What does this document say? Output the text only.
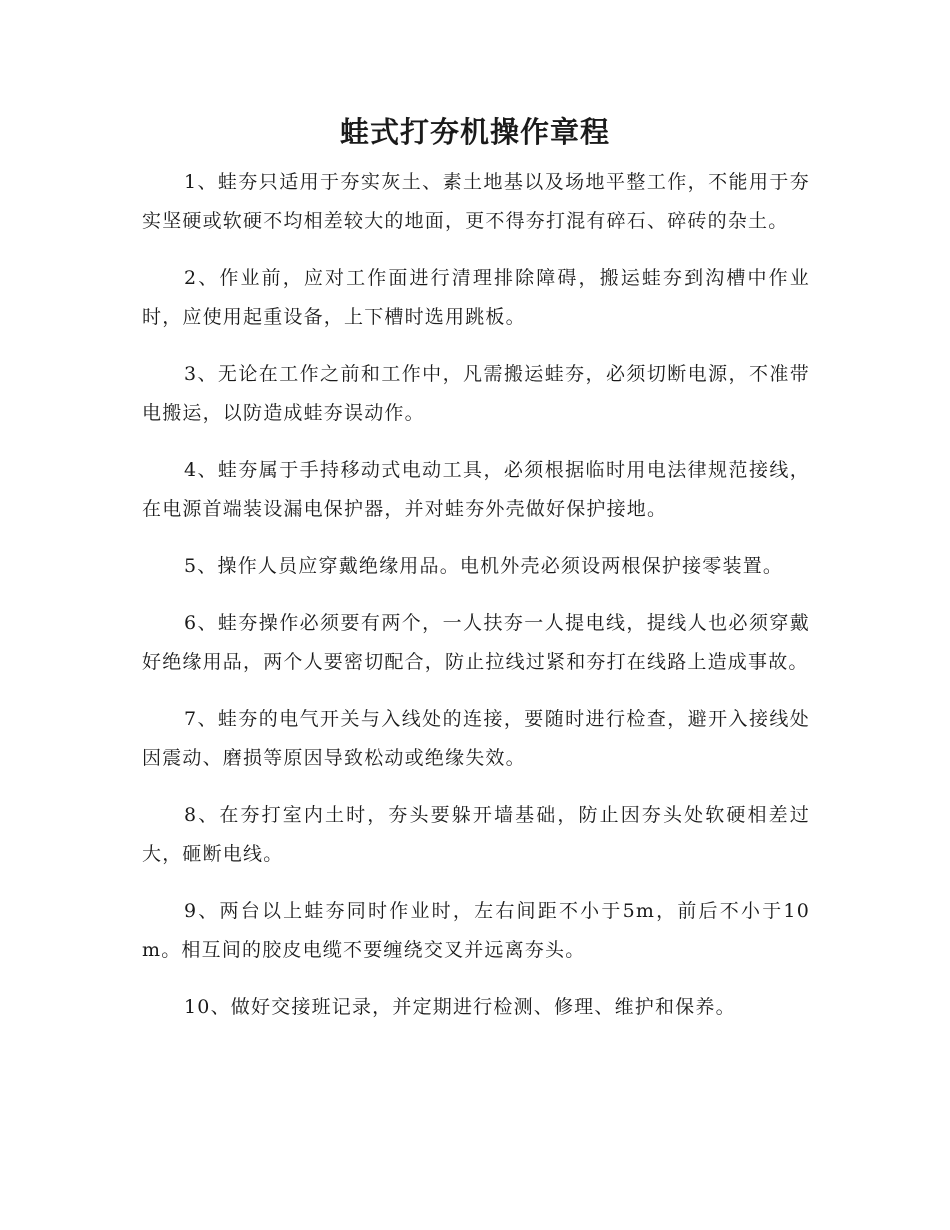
蛙式打夯机操作章程

1、蛙夯只适用于夯实灰土、素土地基以及场地平整工作，不能用于夯实坚硬或软硬不均相差较大的地面，更不得夯打混有碎石、碎砖的杂土。

2、作业前，应对工作面进行清理排除障碍，搬运蛙夯到沟槽中作业时，应使用起重设备，上下槽时选用跳板。

3、无论在工作之前和工作中，凡需搬运蛙夯，必须切断电源，不准带电搬运，以防造成蛙夯误动作。

4、蛙夯属于手持移动式电动工具，必须根据临时用电法律规范接线，在电源首端装设漏电保护器，并对蛙夯外壳做好保护接地。

5、操作人员应穿戴绝缘用品。电机外壳必须设两根保护接零装置。

6、蛙夯操作必须要有两个，一人扶夯一人提电线，提线人也必须穿戴好绝缘用品，两个人要密切配合，防止拉线过紧和夯打在线路上造成事故。

7、蛙夯的电气开关与入线处的连接，要随时进行检查，避开入接线处因震动、磨损等原因导致松动或绝缘失效。

8、在夯打室内土时，夯头要躲开墙基础，防止因夯头处软硬相差过大，砸断电线。

9、两台以上蛙夯同时作业时，左右间距不小于5m，前后不小于10m。相互间的胶皮电缆不要缠绕交叉并远离夯头。

10、做好交接班记录，并定期进行检测、修理、维护和保养。
